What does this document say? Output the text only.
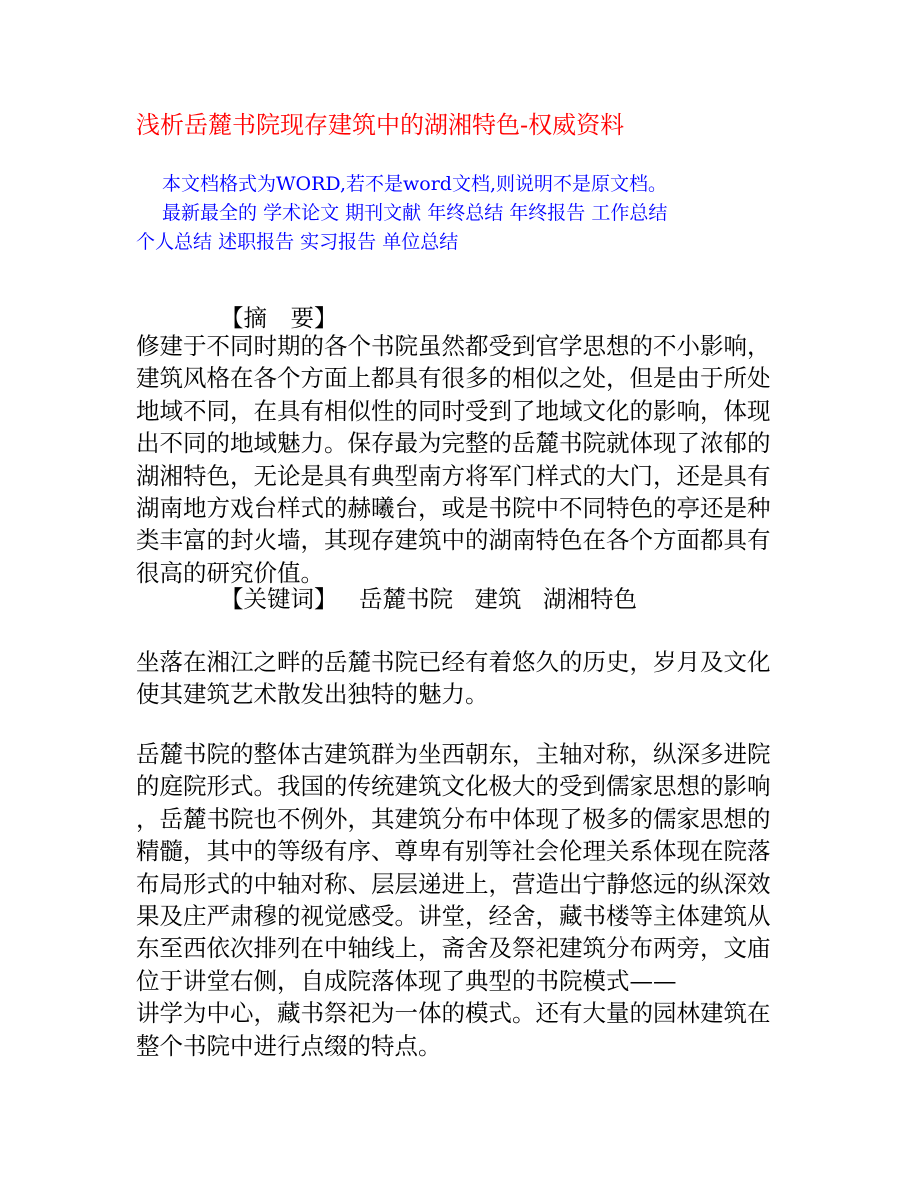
浅析岳麓书院现存建筑中的湖湘特色-权威资料
本文档格式为WORD,若不是word文档,则说明不是原文档。
最新最全的 学术论文 期刊文献 年终总结 年终报告 工作总结
个人总结 述职报告 实习报告 单位总结
【摘　要】
修建于不同时期的各个书院虽然都受到官学思想的不小影响，
建筑风格在各个方面上都具有很多的相似之处，但是由于所处
地域不同，在具有相似性的同时受到了地域文化的影响，体现
出不同的地域魅力。保存最为完整的岳麓书院就体现了浓郁的
湖湘特色，无论是具有典型南方将军门样式的大门，还是具有
湖南地方戏台样式的赫曦台，或是书院中不同特色的亭还是种
类丰富的封火墙，其现存建筑中的湖南特色在各个方面都具有
很高的研究价值。
【关键词】 岳麓书院 建筑 湖湘特色
坐落在湘江之畔的岳麓书院已经有着悠久的历史，岁月及文化
使其建筑艺术散发出独特的魅力。
岳麓书院的整体古建筑群为坐西朝东，主轴对称，纵深多进院
的庭院形式。我国的传统建筑文化极大的受到儒家思想的影响
，岳麓书院也不例外，其建筑分布中体现了极多的儒家思想的
精髓，其中的等级有序、尊卑有别等社会伦理关系体现在院落
布局形式的中轴对称、层层递进上，营造出宁静悠远的纵深效
果及庄严肃穆的视觉感受。讲堂，经舍，藏书楼等主体建筑从
东至西依次排列在中轴线上，斋舍及祭祀建筑分布两旁，文庙
位于讲堂右侧，自成院落体现了典型的书院模式——
讲学为中心，藏书祭祀为一体的模式。还有大量的园林建筑在
整个书院中进行点缀的特点。
